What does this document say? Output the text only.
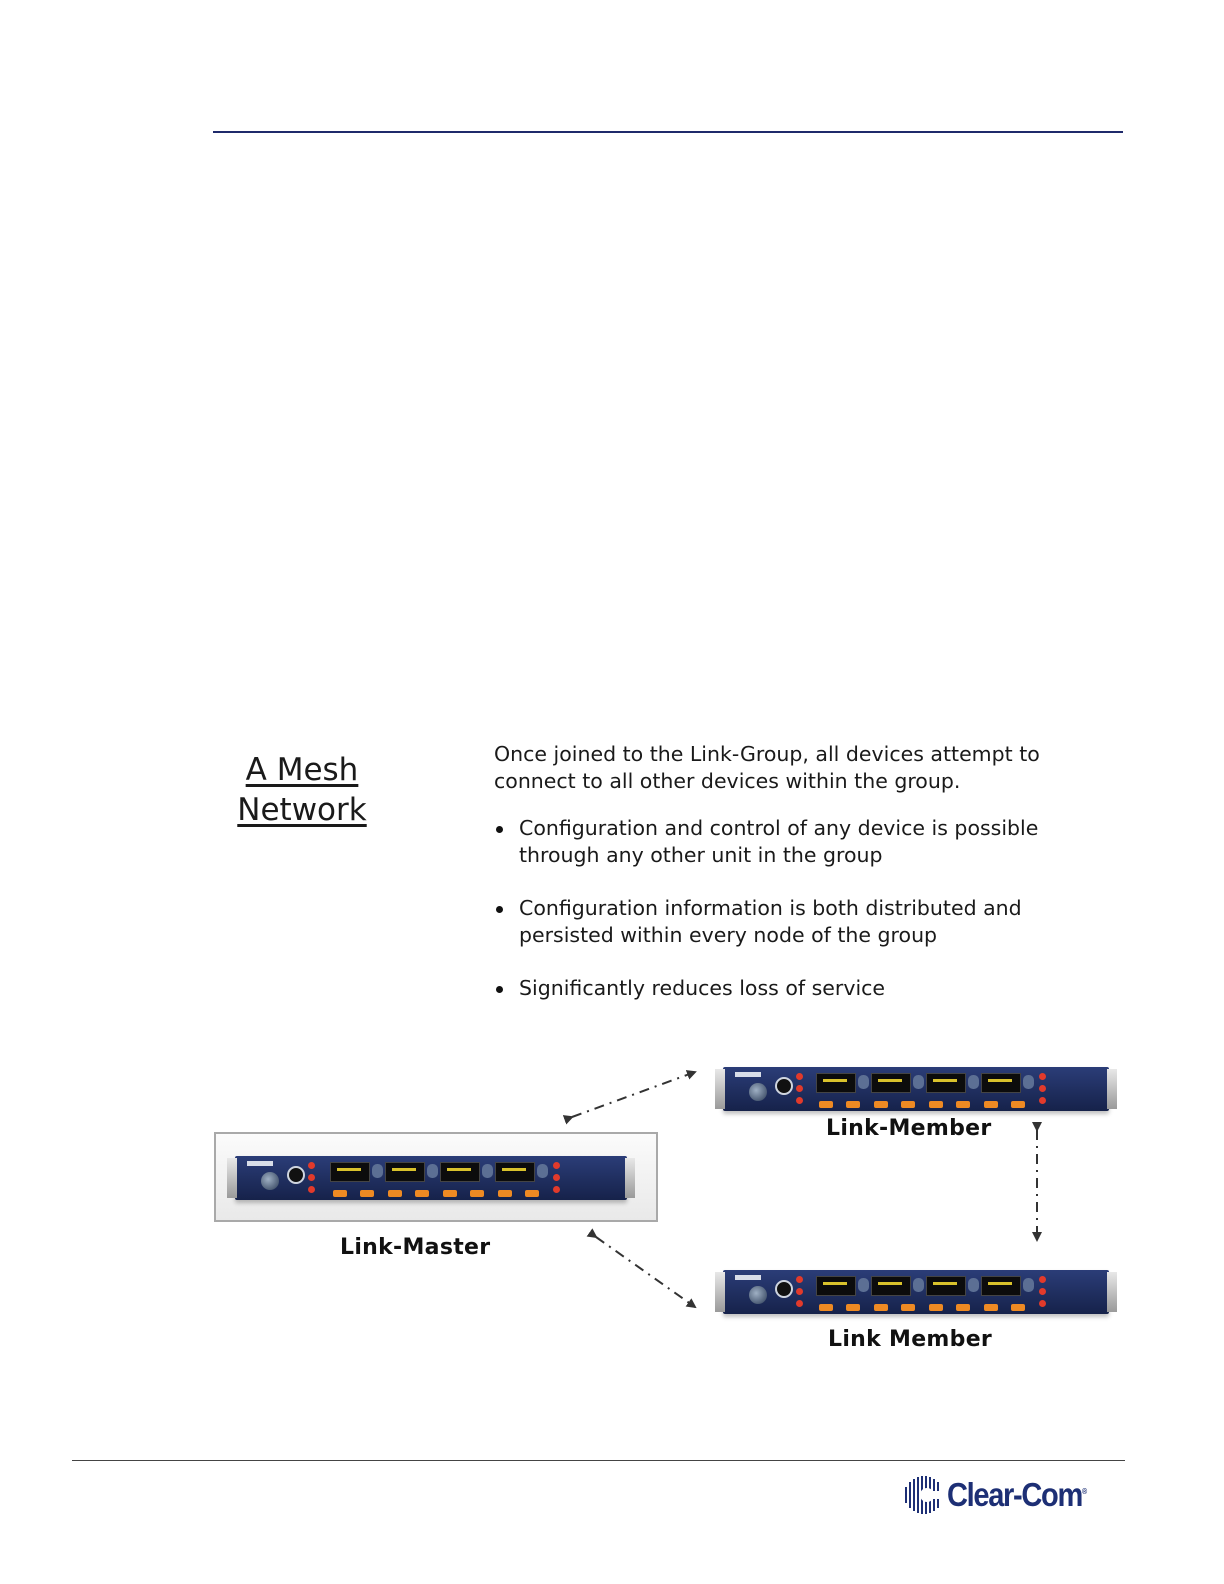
A Mesh
Network
Once joined to the Link-Group, all devices attempt to connect to all other devices within the group.
Configuration and control of any device is possible through any other unit in the group
Configuration information is both distributed and persisted within every node of the group
Significantly reduces loss of service
Link-Master
Link-Member
Link Member
Clear-Com®
